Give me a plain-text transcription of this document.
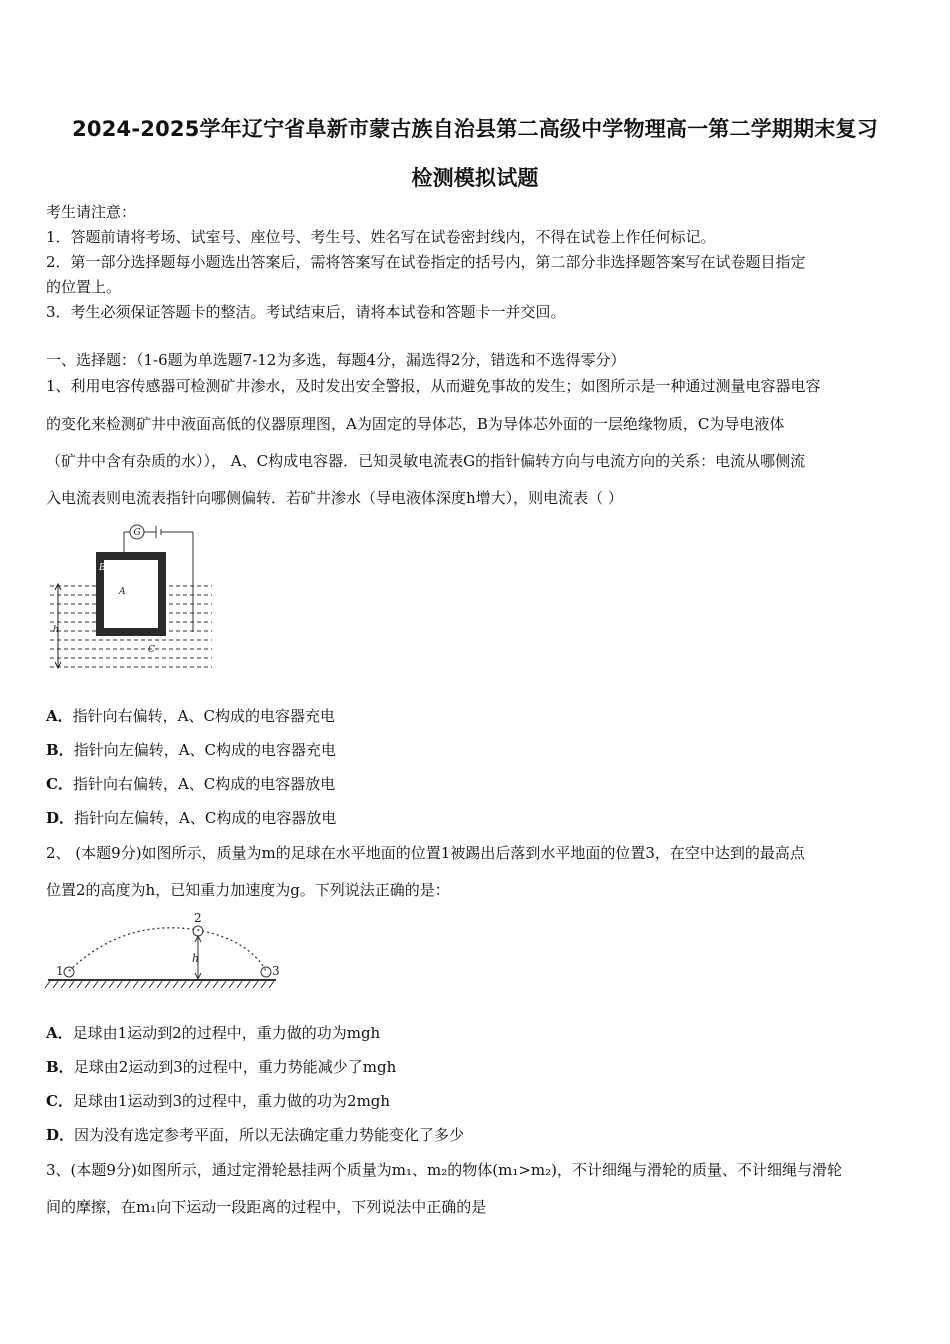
2024-2025学年辽宁省阜新市蒙古族自治县第二高级中学物理高一第二学期期末复习
检测模拟试题
考生请注意：
1．答题前请将考场、试室号、座位号、考生号、姓名写在试卷密封线内，不得在试卷上作任何标记。
2．第一部分选择题每小题选出答案后，需将答案写在试卷指定的括号内，第二部分非选择题答案写在试卷题目指定
的位置上。
3．考生必须保证答题卡的整洁。考试结束后，请将本试卷和答题卡一并交回。
一、选择题：（1-6题为单选题7-12为多选，每题4分，漏选得2分，错选和不选得零分）
1、利用电容传感器可检测矿井渗水，及时发出安全警报，从而避免事故的发生；如图所示是一种通过测量电容器电容
的变化来检测矿井中液面高低的仪器原理图，A为固定的导体芯，B为导体芯外面的一层绝缘物质，C为导电液体
（矿井中含有杂质的水））， A、C构成电容器．已知灵敏电流表G的指针偏转方向与电流方向的关系：电流从哪侧流
入电流表则电流表指针向哪侧偏转．若矿井渗水（导电液体深度h增大），则电流表（ ）
G
A
B
C
h
A．指针向右偏转，A、C构成的电容器充电
B．指针向左偏转，A、C构成的电容器充电
C．指针向右偏转，A、C构成的电容器放电
D．指针向左偏转，A、C构成的电容器放电
2、 (本题9分)如图所示，质量为m的足球在水平地面的位置1被踢出后落到水平地面的位置3，在空中达到的最高点
位置2的高度为h，已知重力加速度为g。下列说法正确的是：
1
2
3
h
A．足球由1运动到2的过程中，重力做的功为mgh
B．足球由2运动到3的过程中，重力势能减少了mgh
C．足球由1运动到3的过程中，重力做的功为2mgh
D．因为没有选定参考平面，所以无法确定重力势能变化了多少
3、(本题9分)如图所示，通过定滑轮悬挂两个质量为m₁、m₂的物体(m₁>m₂)，不计细绳与滑轮的质量、不计细绳与滑轮
间的摩擦，在m₁向下运动一段距离的过程中，下列说法中正确的是
